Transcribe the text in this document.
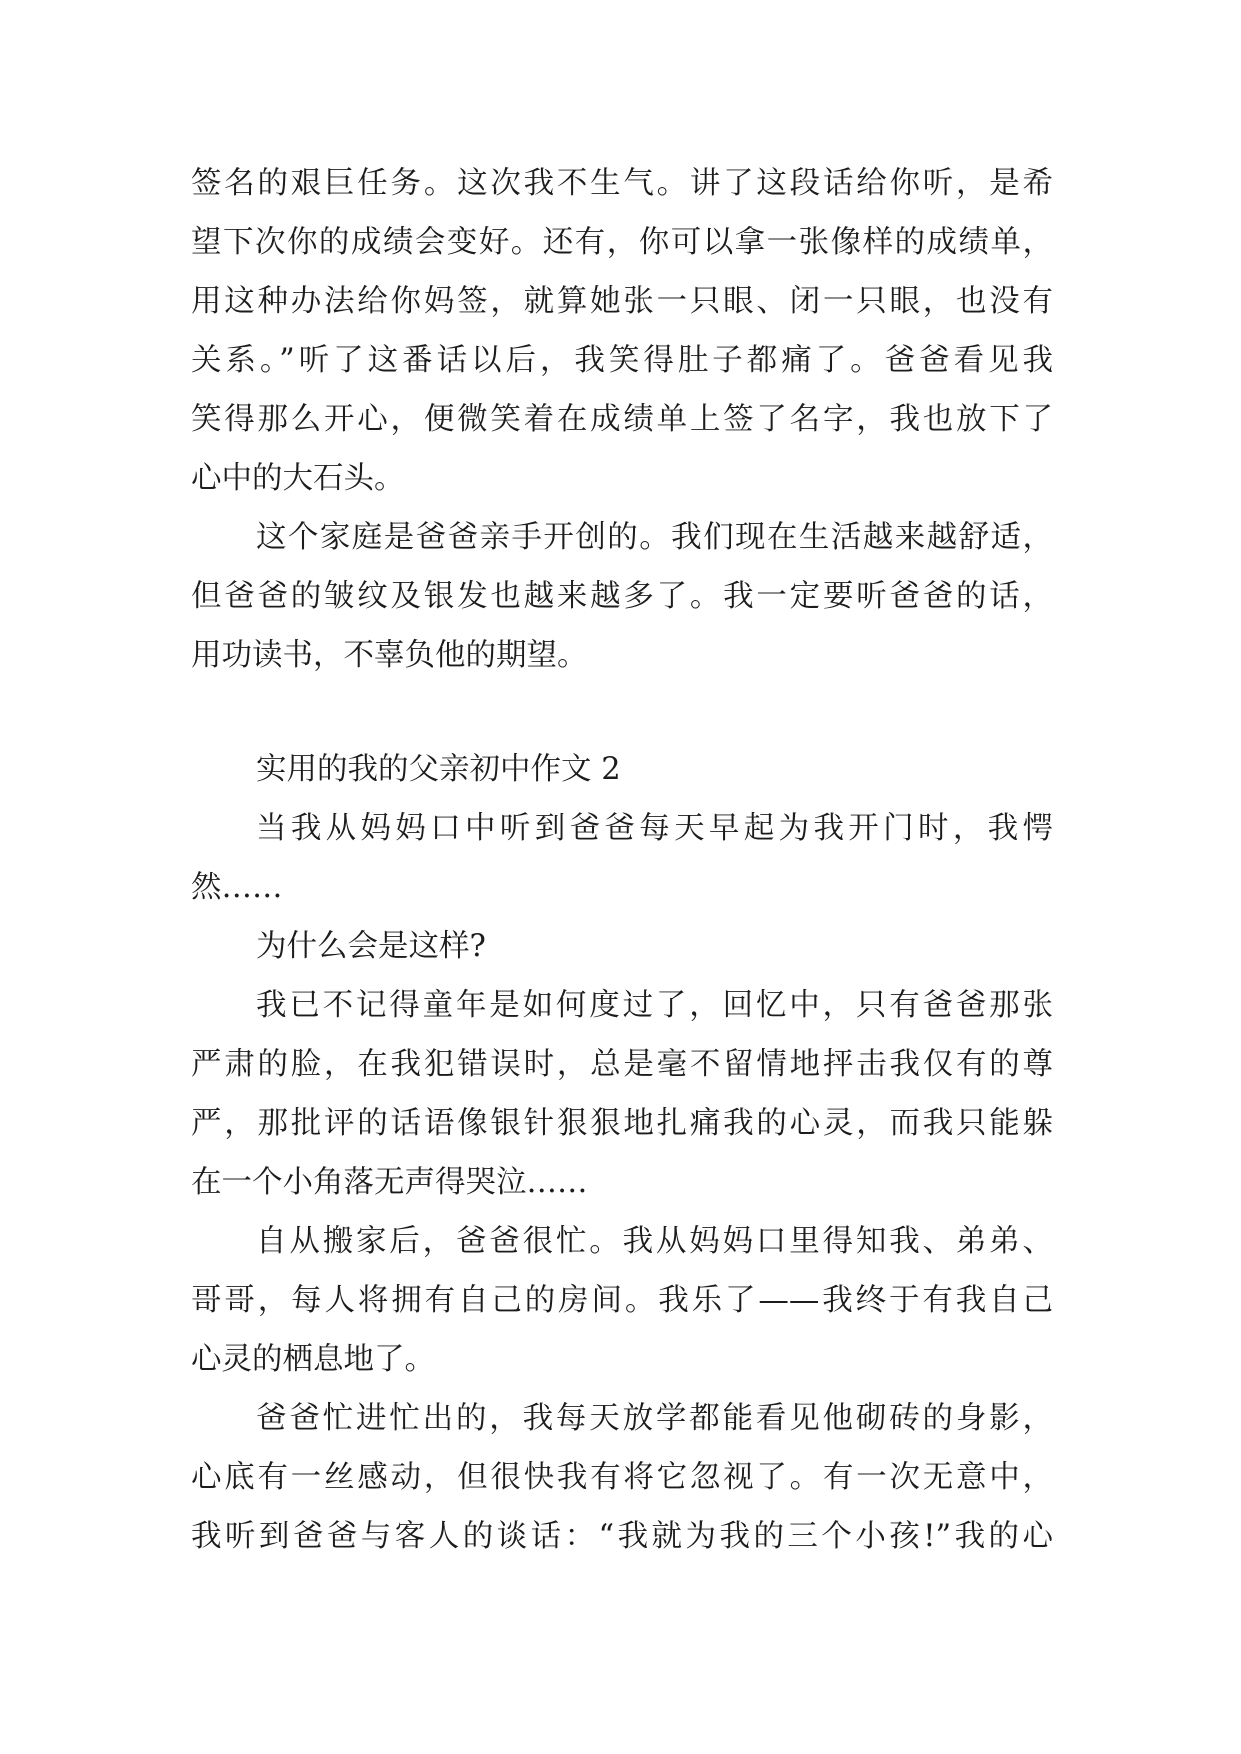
签名的艰巨任务。这次我不生气。讲了这段话给你听，是希

望下次你的成绩会变好。还有，你可以拿一张像样的成绩单，

用这种办法给你妈签，就算她张一只眼、闭一只眼，也没有

关系。”听了这番话以后，我笑得肚子都痛了。爸爸看见我

笑得那么开心，便微笑着在成绩单上签了名字，我也放下了

心中的大石头。

这个家庭是爸爸亲手开创的。我们现在生活越来越舒适，

但爸爸的皱纹及银发也越来越多了。我一定要听爸爸的话，

用功读书，不辜负他的期望。

实用的我的父亲初中作文 2

当我从妈妈口中听到爸爸每天早起为我开门时，我愕

然……

为什么会是这样?

我已不记得童年是如何度过了，回忆中，只有爸爸那张

严肃的脸，在我犯错误时，总是毫不留情地抨击我仅有的尊

严，那批评的话语像银针狠狠地扎痛我的心灵，而我只能躲

在一个小角落无声得哭泣……

自从搬家后，爸爸很忙。我从妈妈口里得知我、弟弟、

哥哥，每人将拥有自己的房间。我乐了——我终于有我自己

心灵的栖息地了。

爸爸忙进忙出的，我每天放学都能看见他砌砖的身影，

心底有一丝感动，但很快我有将它忽视了。有一次无意中，

我听到爸爸与客人的谈话：“我就为我的三个小孩!”我的心
